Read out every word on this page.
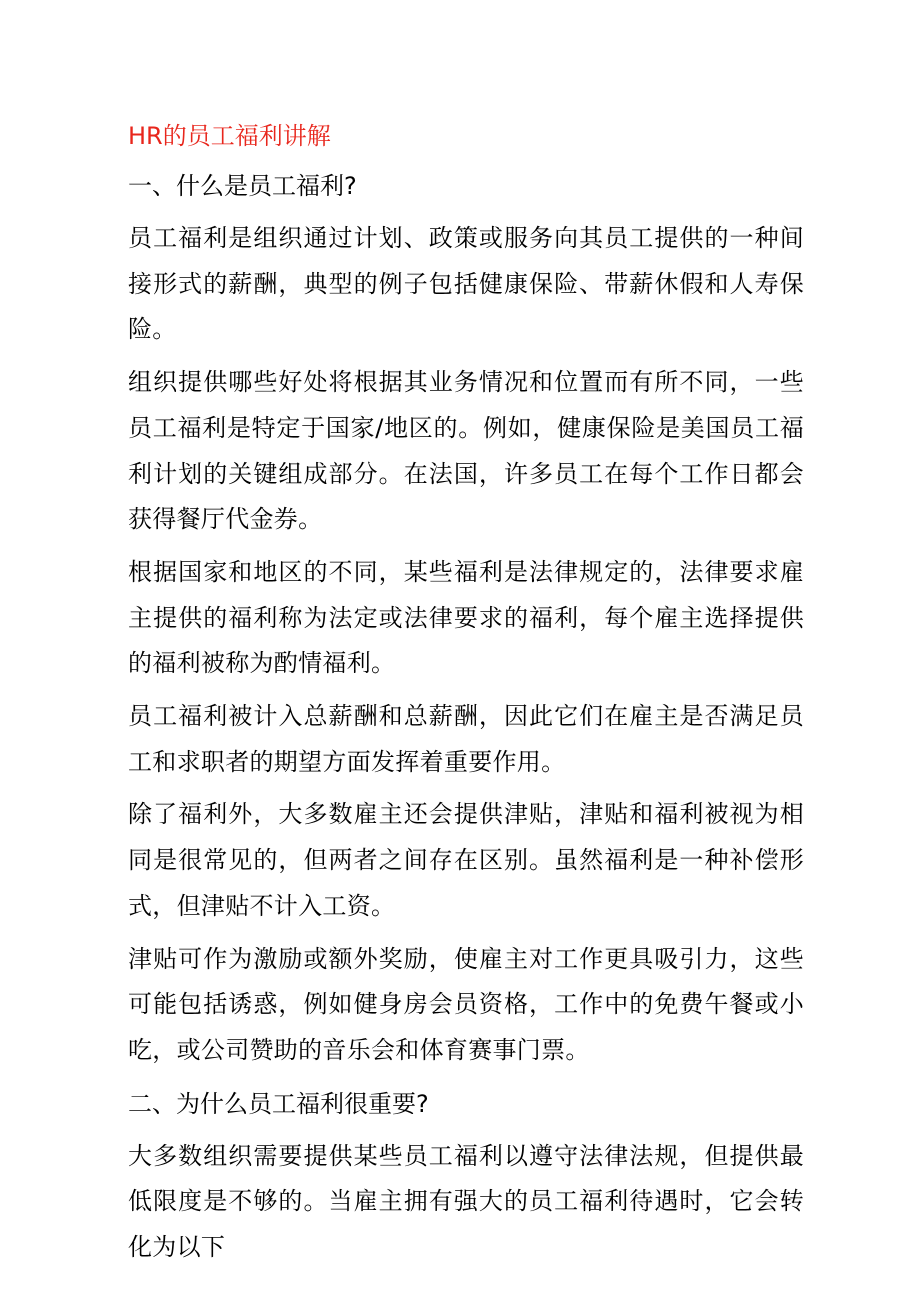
HR的员工福利讲解
一、什么是员工福利?

员工福利是组织通过计划、政策或服务向其员工提供的一种间接形式的薪酬，典型的例子包括健康保险、带薪休假和人寿保险。

组织提供哪些好处将根据其业务情况和位置而有所不同，一些员工福利是特定于国家/地区的。例如，健康保险是美国员工福利计划的关键组成部分。在法国，许多员工在每个工作日都会获得餐厅代金券。

根据国家和地区的不同，某些福利是法律规定的，法律要求雇主提供的福利称为法定或法律要求的福利，每个雇主选择提供的福利被称为酌情福利。

员工福利被计入总薪酬和总薪酬，因此它们在雇主是否满足员工和求职者的期望方面发挥着重要作用。

除了福利外，大多数雇主还会提供津贴，津贴和福利被视为相同是很常见的，但两者之间存在区别。虽然福利是一种补偿形式，但津贴不计入工资。

津贴可作为激励或额外奖励，使雇主对工作更具吸引力，这些可能包括诱惑，例如健身房会员资格，工作中的免费午餐或小吃，或公司赞助的音乐会和体育赛事门票。

二、为什么员工福利很重要?

大多数组织需要提供某些员工福利以遵守法律法规，但提供最低限度是不够的。当雇主拥有强大的员工福利待遇时，它会转化为以下
